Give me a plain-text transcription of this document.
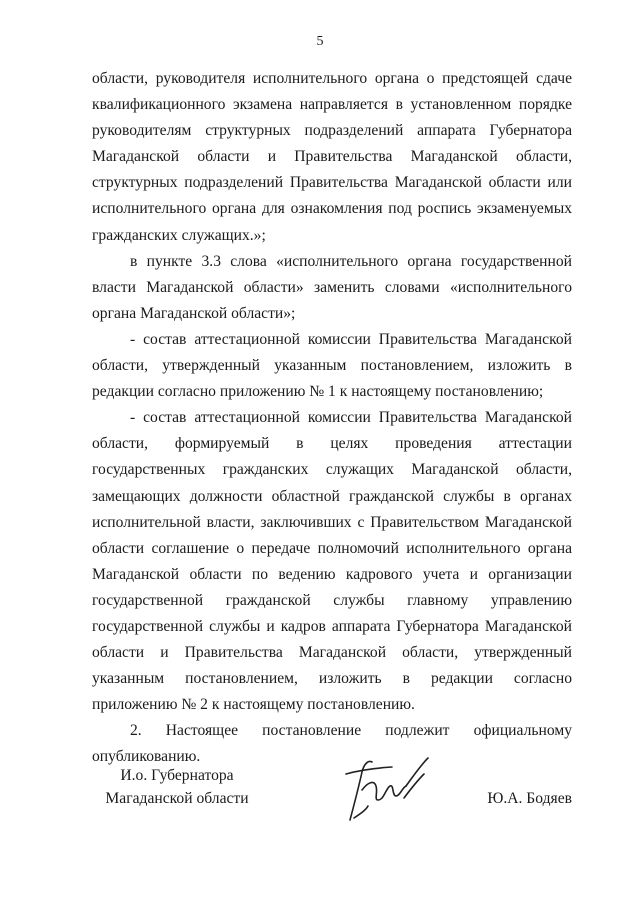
5

области, руководителя исполнительного органа о предстоящей сдаче квалификационного экзамена направляется в установленном порядке руководителям структурных подразделений аппарата Губернатора Магаданской области и Правительства Магаданской области, структурных подразделений Правительства Магаданской области или исполнительного органа для ознакомления под роспись экзаменуемых гражданских служащих.»;

в пункте 3.3 слова «исполнительного органа государственной власти Магаданской области» заменить словами «исполнительного органа Магаданской области»;

- состав аттестационной комиссии Правительства Магаданской области, утвержденный указанным постановлением, изложить в редакции согласно приложению № 1 к настоящему постановлению;

- состав аттестационной комиссии Правительства Магаданской области, формируемый в целях проведения аттестации государственных гражданских служащих Магаданской области, замещающих должности областной гражданской службы в органах исполнительной власти, заключивших с Правительством Магаданской области соглашение о передаче полномочий исполнительного органа Магаданской области по ведению кадрового учета и организации государственной гражданской службы главному управлению государственной службы и кадров аппарата Губернатора Магаданской области и Правительства Магаданской области, утвержденный указанным постановлением, изложить в редакции согласно приложению № 2 к настоящему постановлению.

2. Настоящее постановление подлежит официальному опубликованию.

И.о. Губернатора
Магаданской области	Ю.А. Бодяев
